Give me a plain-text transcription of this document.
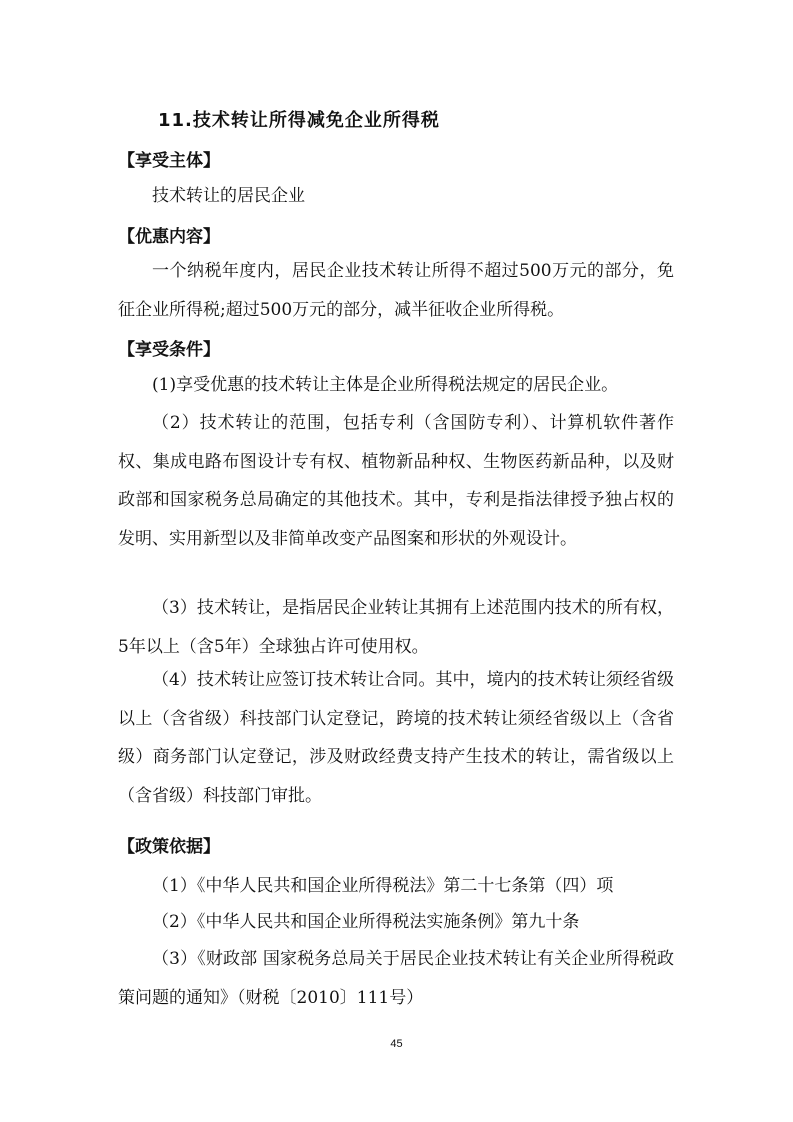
11.技术转让所得减免企业所得税
【享受主体】

技术转让的居民企业

【优惠内容】

一个纳税年度内，居民企业技术转让所得不超过500万元的部分，免征企业所得税;超过500万元的部分，减半征收企业所得税。

【享受条件】

(1)享受优惠的技术转让主体是企业所得税法规定的居民企业。

（2）技术转让的范围，包括专利（含国防专利）、计算机软件著作权、集成电路布图设计专有权、植物新品种权、生物医药新品种，以及财政部和国家税务总局确定的其他技术。其中，专利是指法律授予独占权的发明、实用新型以及非简单改变产品图案和形状的外观设计。

（3）技术转让，是指居民企业转让其拥有上述范围内技术的所有权，5年以上（含5年）全球独占许可使用权。

（4）技术转让应签订技术转让合同。其中，境内的技术转让须经省级以上（含省级）科技部门认定登记，跨境的技术转让须经省级以上（含省级）商务部门认定登记，涉及财政经费支持产生技术的转让，需省级以上（含省级）科技部门审批。

【政策依据】

（1）《中华人民共和国企业所得税法》第二十七条第（四）项

（2）《中华人民共和国企业所得税法实施条例》第九十条

（3）《财政部 国家税务总局关于居民企业技术转让有关企业所得税政策问题的通知》（财税〔2010〕111号）

45
